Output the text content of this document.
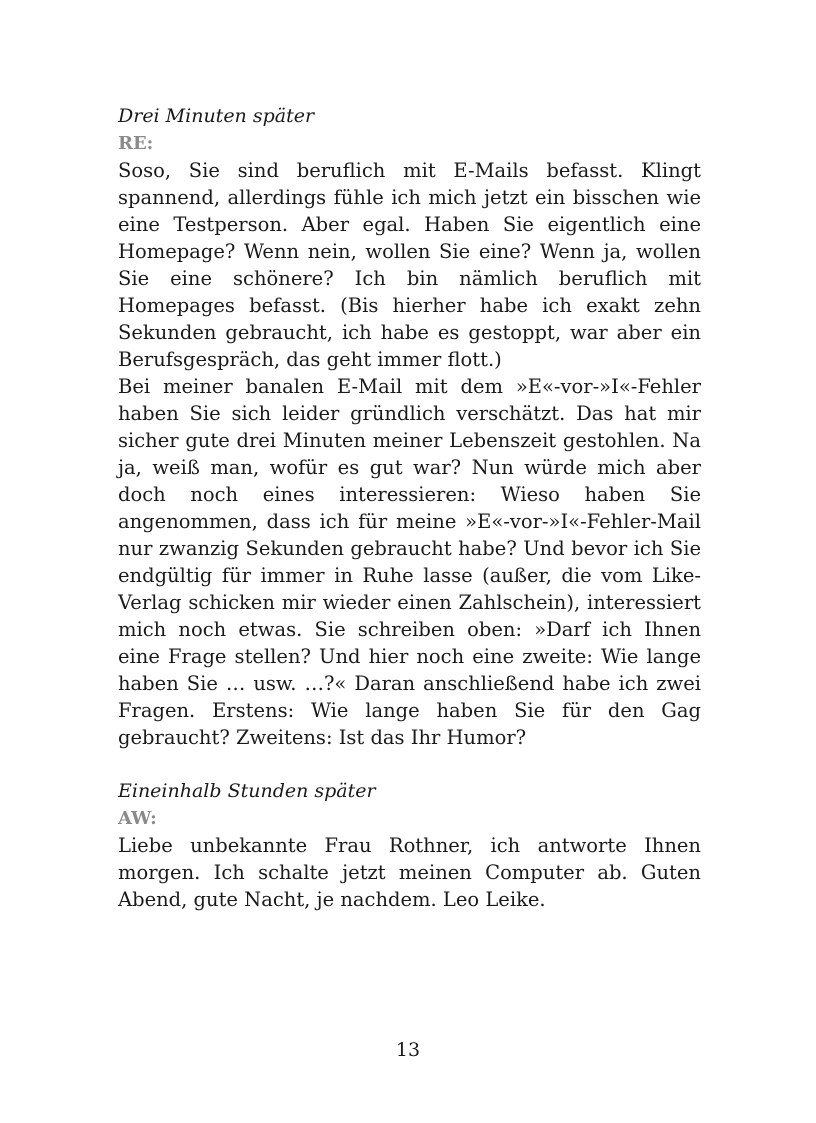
Drei Minuten später

RE:

Soso, Sie sind beruflich mit E-Mails befasst. Klingt spannend, allerdings fühle ich mich jetzt ein bisschen wie eine Testperson. Aber egal. Haben Sie eigentlich eine Homepage? Wenn nein, wollen Sie eine? Wenn ja, wollen Sie eine schönere? Ich bin nämlich beruflich mit Homepages befasst. (Bis hierher habe ich exakt zehn Sekunden gebraucht, ich habe es gestoppt, war aber ein Berufsgespräch, das geht immer flott.)

Bei meiner banalen E-Mail mit dem »E«-vor-»I«-Fehler haben Sie sich leider gründlich verschätzt. Das hat mir sicher gute drei Minuten meiner Lebenszeit gestohlen. Na ja, weiß man, wofür es gut war? Nun würde mich aber doch noch eines interessieren: Wieso haben Sie angenommen, dass ich für meine »E«-vor-»I«-Fehler-Mail nur zwanzig Sekunden gebraucht habe? Und bevor ich Sie endgültig für immer in Ruhe lasse (außer, die vom Like-Verlag schicken mir wieder einen Zahlschein), interessiert mich noch etwas. Sie schreiben oben: »Darf ich Ihnen eine Frage stellen? Und hier noch eine zweite: Wie lange haben Sie … usw. …?« Daran anschließend habe ich zwei Fragen. Erstens: Wie lange haben Sie für den Gag gebraucht? Zweitens: Ist das Ihr Humor?

Eineinhalb Stunden später

AW:

Liebe unbekannte Frau Rothner, ich antworte Ihnen morgen. Ich schalte jetzt meinen Computer ab. Guten Abend, gute Nacht, je nachdem. Leo Leike.

13
